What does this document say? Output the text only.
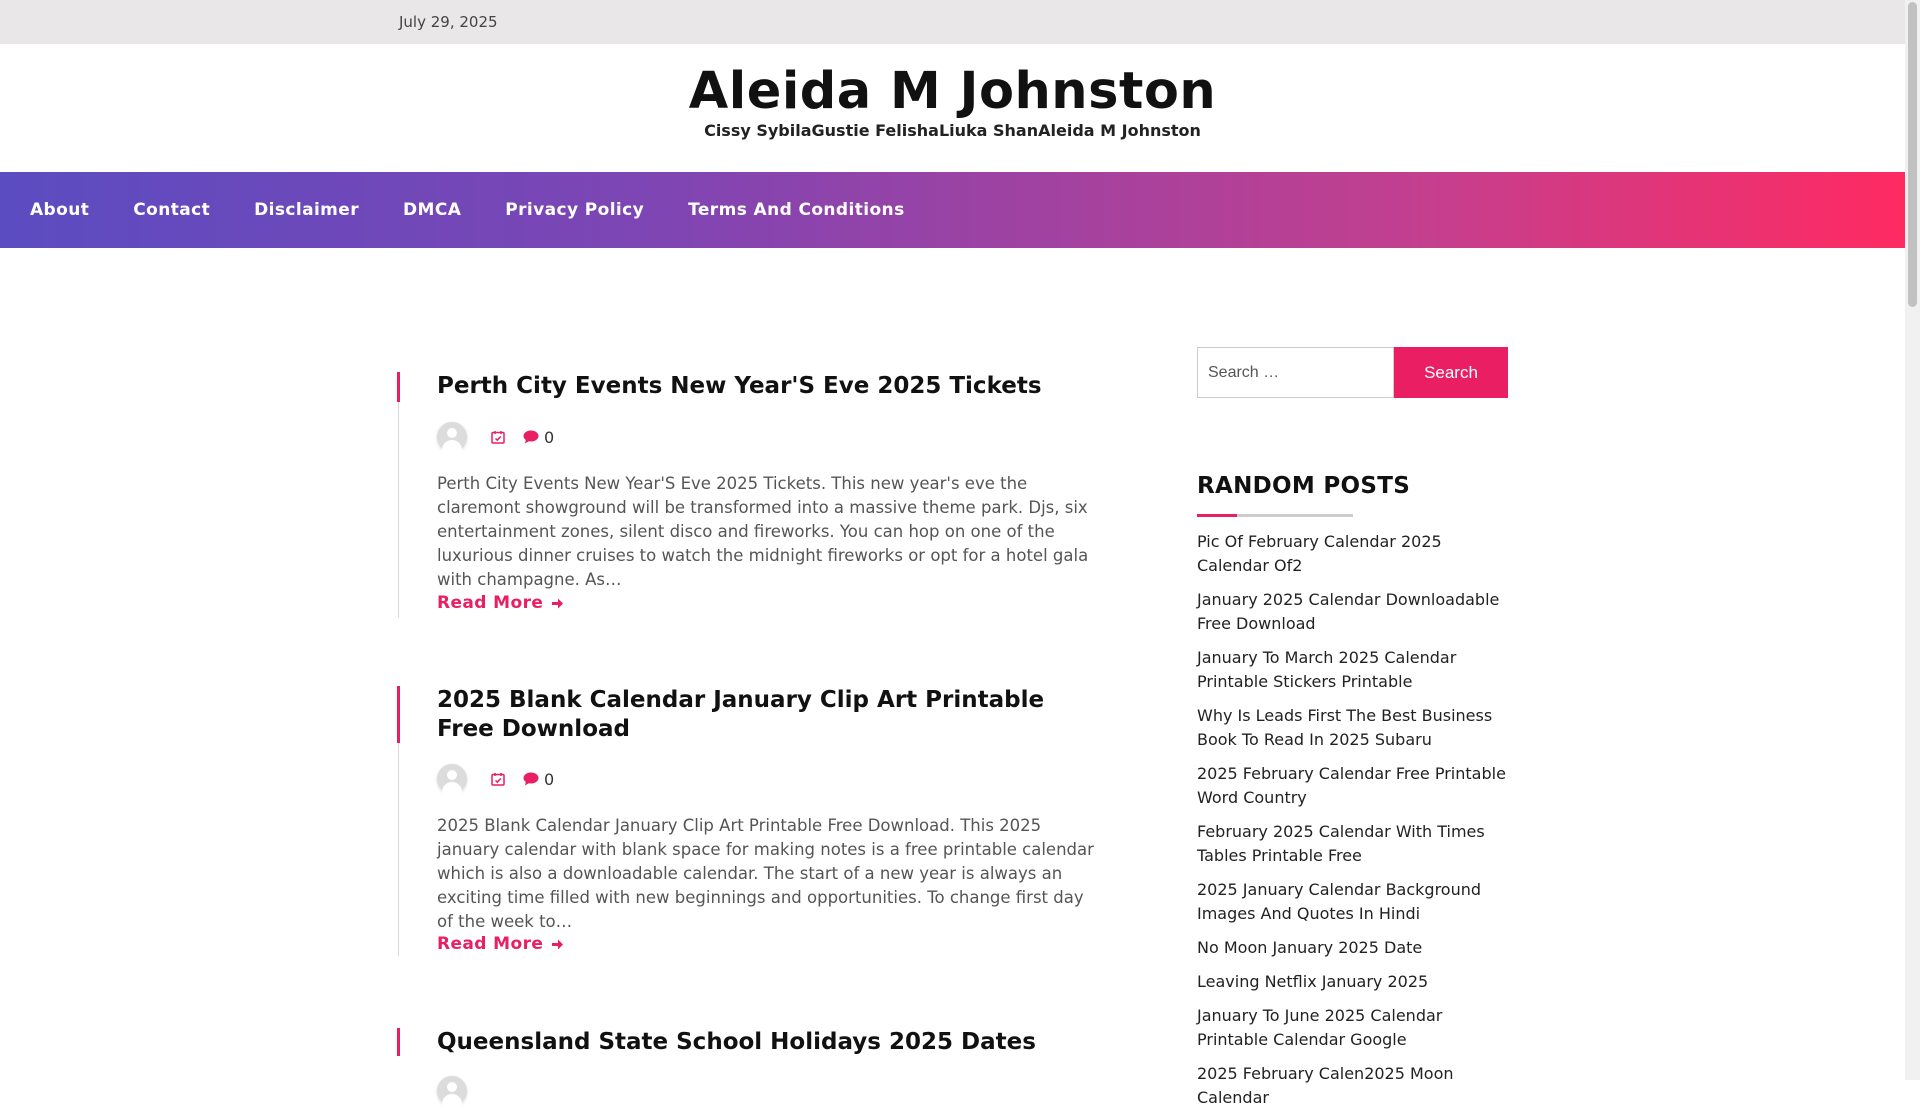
July 29, 2025
Aleida M Johnston
Cissy SybilaGustie FelishaLiuka ShanAleida M Johnston
About	Contact	Disclaimer	DMCA	Privacy Policy	Terms And Conditions
Perth City Events New Year'S Eve 2025 Tickets
0

Perth City Events New Year'S Eve 2025 Tickets. This new year's eve the claremont showground will be transformed into a massive theme park. Djs, six entertainment zones, silent disco and fireworks. You can hop on one of the luxurious dinner cruises to watch the midnight fireworks or opt for a hotel gala with champagne. As…

Read More
2025 Blank Calendar January Clip Art Printable Free Download
0

2025 Blank Calendar January Clip Art Printable Free Download. This 2025 january calendar with blank space for making notes is a free printable calendar which is also a downloadable calendar. The start of a new year is always an exciting time filled with new beginnings and opportunities. To change first day of the week to…

Read More
Queensland State School Holidays 2025 Dates
Search …
Search
RANDOM POSTS
Pic Of February Calendar 2025 Calendar Of2
January 2025 Calendar Downloadable Free Download
January To March 2025 Calendar Printable Stickers Printable
Why Is Leads First The Best Business Book To Read In 2025 Subaru
2025 February Calendar Free Printable Word Country
February 2025 Calendar With Times Tables Printable Free
2025 January Calendar Background Images And Quotes In Hindi
No Moon January 2025 Date
Leaving Netflix January 2025
January To June 2025 Calendar Printable Calendar Google
2025 February Calen2025 Moon Calendar
